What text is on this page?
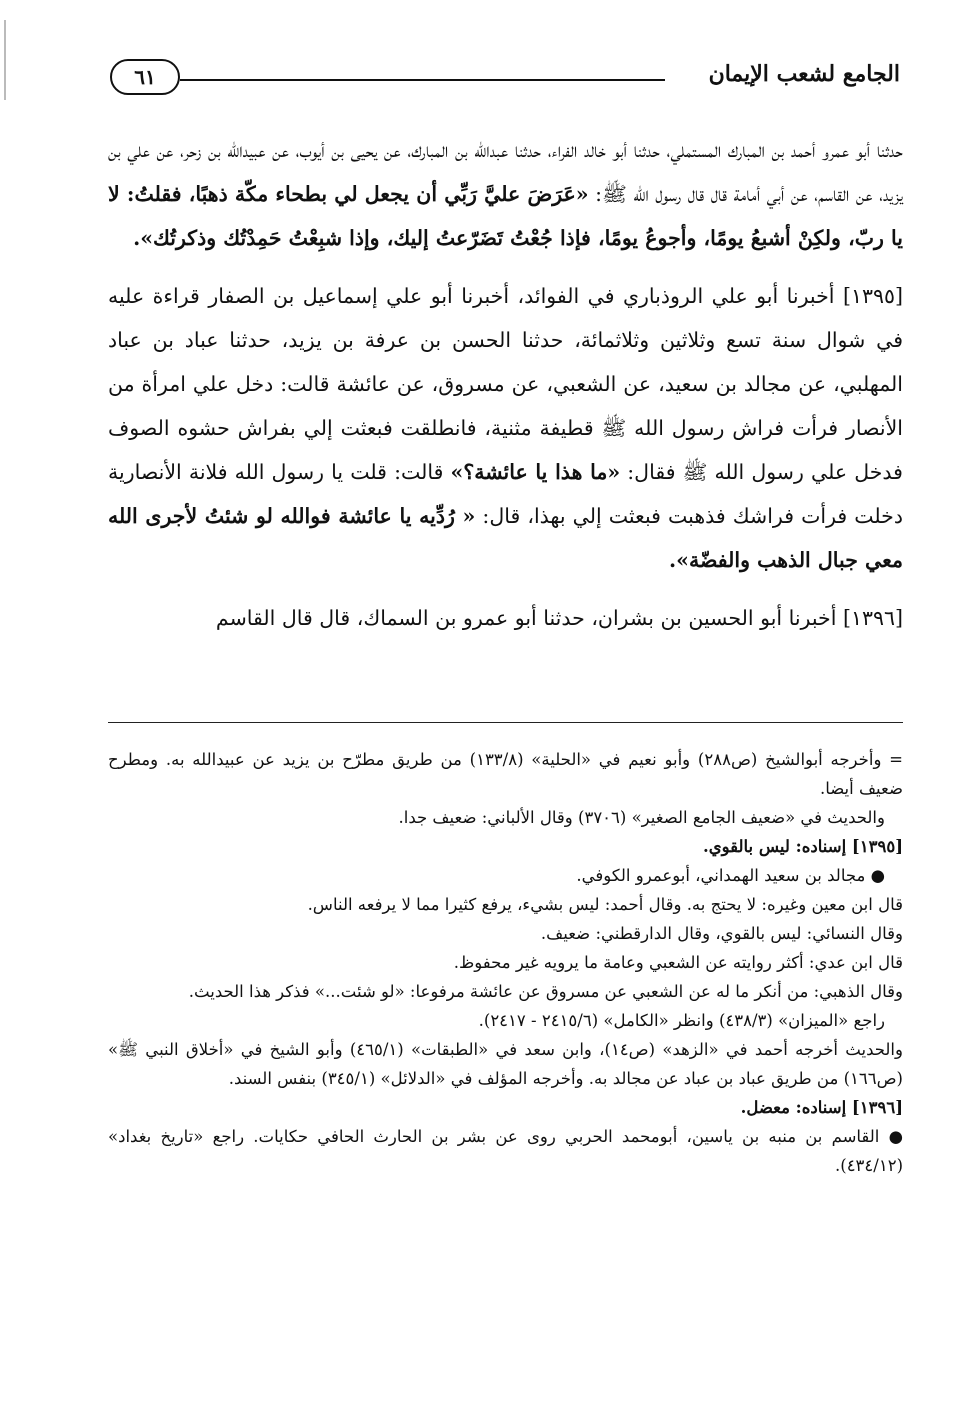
الجامع لشعب الإيمان
٦١

حدثنا أبو عمرو أحمد بن المبارك المستملي، حدثنا أبو خالد الفراء، حدثنا عبدالله بن المبارك، عن يحيى بن أيوب، عن عبيدالله بن زحر، عن علي بن يزيد، عن القاسم، عن أبي أمامة قال قال رسول الله ﷺ: «عَرَضَ عليَّ رَبِّي أن يجعل لي بطحاء مكّة ذهبًا، فقلتُ: لا يا ربّ، ولكِنْ أشبعُ يومًا، وأجوعُ يومًا، فإذا جُعْتُ تَضَرّعتُ إليك، وإذا شبِعْتُ حَمِدْتُك وذكرتُك».

[١٣٩٥] أخبرنا أبو علي الروذباري في الفوائد، أخبرنا أبو علي إسماعيل بن الصفار قراءة عليه في شوال سنة تسع وثلاثين وثلاثمائة، حدثنا الحسن بن عرفة بن يزيد، حدثنا عباد بن عباد المهلبي، عن مجالد بن سعيد، عن الشعبي، عن مسروق، عن عائشة قالت: دخل علي امرأة من الأنصار فرأت فراش رسول الله ﷺ قطيفة مثنية، فانطلقت فبعثت إلي بفراش حشوه الصوف فدخل علي رسول الله ﷺ فقال: «ما هذا يا عائشة؟» قالت: قلت يا رسول الله فلانة الأنصارية دخلت فرأت فراشك فذهبت فبعثت إلي بهذا، قال: « رُدِّيه يا عائشة فوالله لو شئتُ لأجرى الله معي جبال الذهب والفضّة».

[١٣٩٦] أخبرنا أبو الحسين بن بشران، حدثنا أبو عمرو بن السماك، قال قال القاسم

= وأخرجه أبوالشيخ (ص٢٨٨) وأبو نعيم في «الحلية» (١٣٣/٨) من طريق مطرّح بن يزيد عن عبيدالله به. ومطرح ضعيف أيضا.

والحديث في «ضعيف الجامع الصغير» (٣٧٠٦) وقال الألباني: ضعيف جدا.

[١٣٩٥] إسناده: ليس بالقوي.

● مجالد بن سعيد الهمداني، أبوعمرو الكوفي.

قال ابن معين وغيره: لا يحتج به. وقال أحمد: ليس بشيء، يرفع كثيرا مما لا يرفعه الناس.

وقال النسائي: ليس بالقوي، وقال الدارقطني: ضعيف.

قال ابن عدي: أكثر روايته عن الشعبي وعامة ما يرويه غير محفوظ.

وقال الذهبي: من أنكر ما له عن الشعبي عن مسروق عن عائشة مرفوعا: «لو شئت...» فذكر هذا الحديث.

راجع «الميزان» (٤٣٨/٣) وانظر «الكامل» (٢٤١٥/٦ - ٢٤١٧).

والحديث أخرجه أحمد في «الزهد» (ص١٤)، وابن سعد في «الطبقات» (٤٦٥/١) وأبو الشيخ في «أخلاق النبي ﷺ» (ص١٦٦) من طريق عباد بن عباد عن مجالد به. وأخرجه المؤلف في «الدلائل» (٣٤٥/١) بنفس السند.

[١٣٩٦] إسناده: معضل.

● القاسم بن منبه بن ياسين، أبومحمد الحربي روى عن بشر بن الحارث الحافي حكايات. راجع «تاريخ بغداد» (٤٣٤/١٢).
